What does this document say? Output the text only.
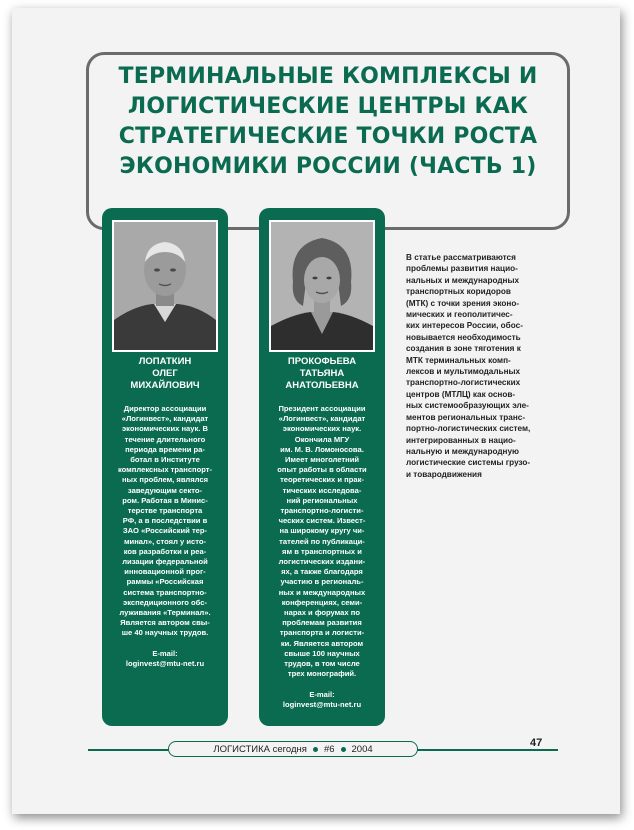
ТЕРМИНАЛЬНЫЕ КОМПЛЕКСЫ И
ЛОГИСТИЧЕСКИЕ ЦЕНТРЫ КАК
СТРАТЕГИЧЕСКИЕ ТОЧКИ РОСТА
ЭКОНОМИКИ РОССИИ (ЧАСТЬ 1)
ЛОПАТКИН
ОЛЕГ
МИХАЙЛОВИЧ
Директор ассоциации
«Логинвест», кандидат
экономических наук. В
течение длительного
периода времени ра-
ботал в Институте
комплексных транспорт-
ных проблем, являлся
заведующим секто-
ром. Работая в Минис-
терстве транспорта
РФ, а в последствии в
ЗАО «Российский тер-
минал», стоял у исто-
ков разработки и реа-
лизации федеральной
инновационной прог-
раммы «Российская
система транспортно-
экспедиционного обс-
луживания «Терминал».
Является автором свы-
ше 40 научных трудов.

E-mail:
loginvest@mtu-net.ru
ПРОКОФЬЕВА
ТАТЬЯНА
АНАТОЛЬЕВНА
Президент ассоциации
«Логинвест», кандидат
экономических наук.
Окончила МГУ
им. М. В. Ломоносова.
Имеет многолетний
опыт работы в области
теоретических и прак-
тических исследова-
ний региональных
транспортно-логисти-
ческих систем. Извест-
на широкому кругу чи-
тателей по публикаци-
ям в транспортных и
логистических издани-
ях, а также благодаря
участию в региональ-
ных и международных
конференциях, семи-
нарах и форумах по
проблемам развития
транспорта и логисти-
ки. Является автором
свыше 100 научных
трудов, в том числе
трех монографий.

E-mail:
loginvest@mtu-net.ru
В статье рассматриваются
проблемы развития нацио-
нальных и международных
транспортных коридоров
(МТК) с точки зрения эконо-
мических и геополитичес-
ких интересов России, обос-
новывается необходимость
создания в зоне тяготения к
МТК терминальных комп-
лексов и мультимодальных
транспортно-логистических
центров (МТЛЦ) как основ-
ных системообразующих эле-
ментов региональных транс-
портно-логистических систем,
интегрированных в нацио-
нальную и международную
логистические системы грузо-
и товародвижения
ЛОГИСТИКА сегодня #6 2004	47
